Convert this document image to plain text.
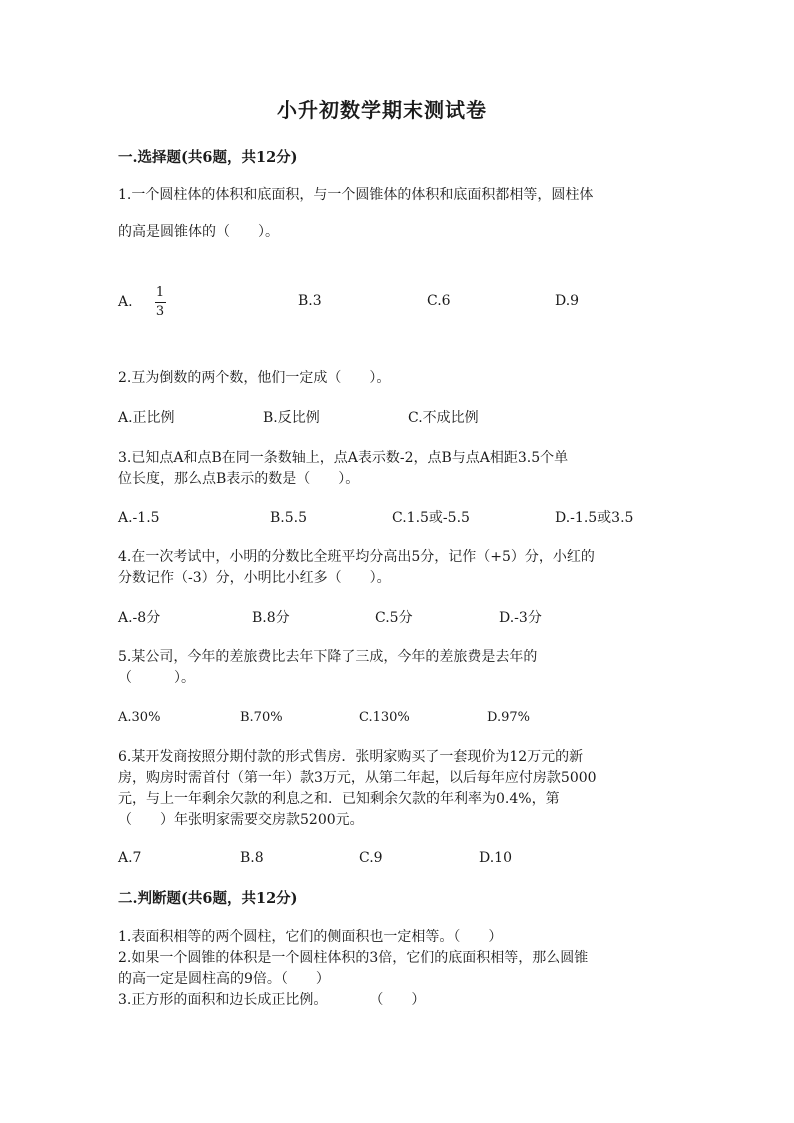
小升初数学期末测试卷
一.选择题(共6题，共12分)
1.一个圆柱体的体积和底面积，与一个圆锥体的体积和底面积都相等，圆柱体
的高是圆锥体的（　　）。
A. $\frac{1}{3}$	B.3	C.6	D.9
2.互为倒数的两个数，他们一定成（　　）。
A.正比例	B.反比例	C.不成比例
3.已知点A和点B在同一条数轴上，点A表示数-2，点B与点A相距3.5个单
位长度，那么点B表示的数是（　　）。
A.-1.5	B.5.5	C.1.5或-5.5	D.-1.5或3.5
4.在一次考试中，小明的分数比全班平均分高出5分，记作（+5）分，小红的
分数记作（-3）分，小明比小红多（　　）。
A.-8分	B.8分	C.5分	D.-3分
5.某公司，今年的差旅费比去年下降了三成，今年的差旅费是去年的
（　　　）。
A.30%	B.70%	C.130%	D.97%
6.某开发商按照分期付款的形式售房．张明家购买了一套现价为12万元的新
房，购房时需首付（第一年）款3万元，从第二年起，以后每年应付房款5000
元，与上一年剩余欠款的利息之和．已知剩余欠款的年利率为0.4%，第
（　　）年张明家需要交房款5200元。
A.7	B.8	C.9	D.10
二.判断题(共6题，共12分)
1.表面积相等的两个圆柱，它们的侧面积也一定相等。（　　）
2.如果一个圆锥的体积是一个圆柱体积的3倍，它们的底面积相等，那么圆锥
的高一定是圆柱高的9倍。（　　）
3.正方形的面积和边长成正比例。　　　　（　　）
